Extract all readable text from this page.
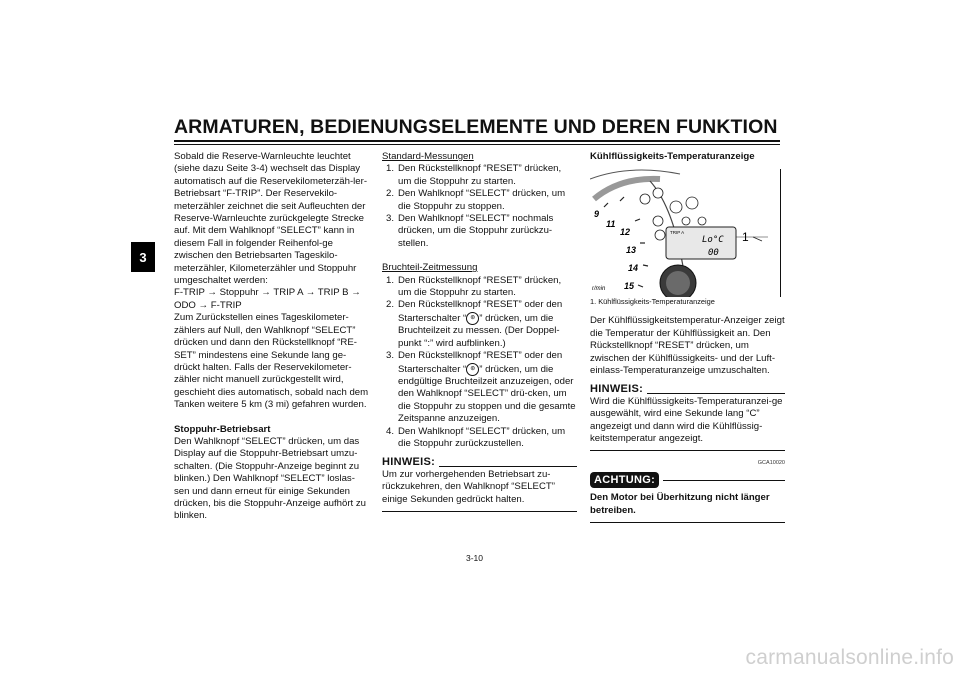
ARMATUREN, BEDIENUNGSELEMENTE UND DEREN FUNKTION
3

Sobald die Reserve-Warnleuchte leuchtet (siehe dazu Seite 3-4) wechselt das Display automatisch auf die Reservekilometerzäh-ler-Betriebsart “F-TRIP”. Der Reservekilo-meterzähler zeichnet die seit Aufleuchten der Reserve-Warnleuchte zurückgelegte Strecke auf. Mit dem Wahlknopf “SELECT” kann in diesem Fall in folgender Reihenfol-ge zwischen den Betriebsarten Tageskilo-meterzähler, Kilometerzähler und Stoppuhr umgeschaltet werden:

F-TRIP → Stoppuhr → TRIP A → TRIP B → ODO → F-TRIP

Zum Zurückstellen eines Tageskilometer-zählers auf Null, den Wahlknopf “SELECT” drücken und dann den Rückstellknopf “RE-SET” mindestens eine Sekunde lang ge-drückt halten. Falls der Reservekilometer-zähler nicht manuell zurückgestellt wird, geschieht dies automatisch, sobald nach dem Tanken weitere 5 km (3 mi) gefahren wurden.

Stoppuhr-Betriebsart

Den Wahlknopf “SELECT” drücken, um das Display auf die Stoppuhr-Betriebsart umzu-schalten. (Die Stoppuhr-Anzeige beginnt zu blinken.) Den Wahlknopf “SELECT” loslas-sen und dann erneut für einige Sekunden drücken, bis die Stoppuhr-Anzeige aufhört zu blinken.

Standard-Messungen

1. Den Rückstellknopf “RESET” drücken, um die Stoppuhr zu starten.
2. Den Wahlknopf “SELECT” drücken, um die Stoppuhr zu stoppen.
3. Den Wahlknopf “SELECT” nochmals drücken, um die Stoppuhr zurückzu-stellen.

Bruchteil-Zeitmessung

1. Den Rückstellknopf “RESET” drücken, um die Stoppuhr zu starten.
2. Den Rückstellknopf “RESET” oder den Starterschalter “ ⊛ ” drücken, um die Bruchteilzeit zu messen. (Der Doppel-punkt “:” wird aufblinken.)
3. Den Rückstellknopf “RESET” oder den Starterschalter “ ⊛ ” drücken, um die endgültige Bruchteilzeit anzuzeigen, oder den Wahlknopf “SELECT” drü-cken, um die Stoppuhr zu stoppen und die gesamte Zeitspanne anzuzeigen.
4. Den Wahlknopf “SELECT” drücken, um die Stoppuhr zurückzustellen.
HINWEIS:

Um zur vorhergehenden Betriebsart zu-rückzukehren, den Wahlknopf “SELECT” einige Sekunden gedrückt halten.

Kühlflüssigkeits-Temperaturanzeige

9
11
12
13
14
15
r/min
TRIP A
Lo°C
00
1

1. Kühlflüssigkeits-Temperaturanzeige

Der Kühlflüssigkeitstemperatur-Anzeiger zeigt die Temperatur der Kühlflüssigkeit an. Den Rückstellknopf “RESET” drücken, um zwischen der Kühlflüssigkeits- und der Luft-einlass-Temperaturanzeige umzuschalten.

HINWEIS:

Wird die Kühlflüssigkeits-Temperaturanzei-ge ausgewählt, wird eine Sekunde lang “C” angezeigt und dann wird die Kühlflüssig-keitstemperatur angezeigt.

GCA10020
ACHTUNG:

Den Motor bei Überhitzung nicht länger betreiben.

3-10
carmanualsonline.info
